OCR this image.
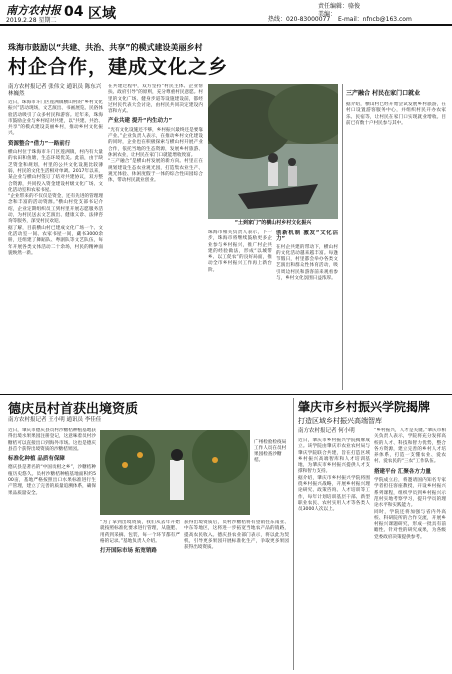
南方农村报
2019.2.28 星期二
04 区域	责任编辑：骆俊
美编：
热线：020-83000077 E-mail：nfncb@163.com
珠海市鼓励以“共建、共治、共享”的模式建设美丽乡村
村企合作，建成文化之乡
南方农村报记者 张伟文 通讯员 陈东兴 林巍然
近日，珠海市斗门区莲洲镇横山村的“乡村文化振兴”活动现场，文艺演出、书画展览、民俗体验活动吸引了众多村民和游客。近年来，珠海市鼓励企业与乡村结对共建，以“共建、共治、共享”的模式建设美丽乡村，推动乡村文化振兴。
资源整合“借力”一路前行
横山村位于珠海市斗门区莲洲镇，村内有大量的农田和鱼塘，生态环境优美。此前，由于缺乏资金和规划，村里的公共文化设施比较薄弱，村民的文化生活相对单调。2017年以来，某企业与横山村签订了结对共建协议，双方整合资源，共同投入资金建设村级文化广场、文化活动室和农家书屋。
“企业带来的不仅仅是资金，还有先进的管理理念和丰富的活动资源。”横山村党支部书记介绍，企业定期组织员工到村里开展志愿服务活动，为村民送去文艺演出、健康义诊、法律咨询等服务，深受村民欢迎。
据了解，目前横山村已建成文化广场一个、文化活动室一间、农家书屋一间，藏书3000余册，还组建了舞蹈队、粤剧队等文艺队伍，每年开展各类文体活动二十余场，村民的精神面貌焕然一新。
在共建过程中，双方坚持“村民主体、企业帮扶、政府引导”的原则，充分尊重村民意愿。村里的文化广场、健身步道等设施建设前，都经过村民代表大会讨论，由村民共同决定建设内容和方式。
产业共建 提升“内生动力”
“光有文化设施还不够，乡村振兴最终还是要靠产业。”企业负责人表示，在推动乡村文化建设的同时，企业也在积极探索与横山村开展产业合作，依托当地的生态资源，发展乡村旅游、休闲农业，让村民在家门口就能增收致富。
“三产融合”是横山村发展的新方向。村里正在规划建设生态农业观光园，打造集农业生产、观光体验、休闲度假于一体的综合性田园综合体，带动村民就业创业。
“土到家门”的横山村乡村文化振兴
珠海市相关负责人表示，下一步，珠海市将继续鼓励更多企业参与乡村振兴，推广村企共建的经验做法，形成“以城带乡、以工促农”的良好局面，推动全市乡村振兴工作再上新台阶。
创新机制 激发“文化活力”
在村企共建的带动下，横山村的文化活动越来越丰富。每逢节假日，村里都会举办各类文艺演出和群众性体育活动，吸引周边村民和游客前来观看参与，乡村文化氛围日益浓厚。
三产融合 村民在家门口就业
据介绍，横山村已经开始尝试发展乡村旅游，在村口设置游客服务中心，并组织村民开办农家乐、民宿等，让村民在家门口实现就业增收。目前已有数十户村民参与其中。
德庆员村首获出境资质
南方农村报记者 王小明 通讯员 李佳佳
广州检验检疫局工作人员在员村果园检查沙糖桔。
近日，肇庆市德庆县员村沙糖桔种植基地获得出境水果果园注册登记，这意味着员村沙糖桔可以直接出口到海外市场。这也是德庆县首个获得出境资质的沙糖桔果园。
标准化种植 品质有保障
德庆县是著名的“中国贡柑之乡”，沙糖桔种植历史悠久。员村沙糖桔种植基地面积约500亩，基地严格按照出口水果标准进行生产管理，建立了完善的质量追溯体系，确保果品质量安全。
“为了拿到出境资质，我们从去年开始就按照标准化要求进行管理，从施肥、用药到采摘、包装，每一个环节都有严格的记录。”基地负责人介绍。
打开国际市场 拓宽销路
获得出境资质后，员村沙糖桔将有望销往东南亚、中东等地区，这将进一步拓宽当地农产品的销路，提高农民收入。德庆县农业部门表示，将以此为契机，引导更多果园开展标准化生产，争取更多果园获得出境资质。
肇庆市乡村振兴学院揭牌
打造区域乡村振兴高端智库
南方农村报记者 何小明
近日，肇庆市乡村振兴学院揭牌成立。该学院由肇庆市农业农村局与肇庆学院联合共建，旨在打造区域乡村振兴高端智库和人才培训基地，为肇庆市乡村振兴提供人才支撑和智力支持。
据介绍，肇庆市乡村振兴学院将围绕乡村振兴战略，开展乡村振兴理论研究、政策咨询、人才培训等工作，每年计划培训基层干部、新型职业农民、农村实用人才等各类人员3000人次以上。
“乡村振兴，人才是关键。”肇庆市相关负责人表示，学院将充分发挥高校的人才、科技和智力优势，整合各方资源，建立完善的乡村人才培养体系，打造一支懂农业、爱农村、爱农民的“三农”工作队伍。
搭建平台 汇聚各方力量
学院成立后，将邀请国内知名专家学者担任客座教授，开设乡村振兴系列课程，组织学员到乡村振兴示范村实地考察学习，提升学员的理论水平和实践能力。
同时，学院还将加强与省内外高校、科研院所的合作交流，开展乡村振兴课题研究，形成一批具有前瞻性、针对性的研究成果，为各级党委政府决策提供参考。
